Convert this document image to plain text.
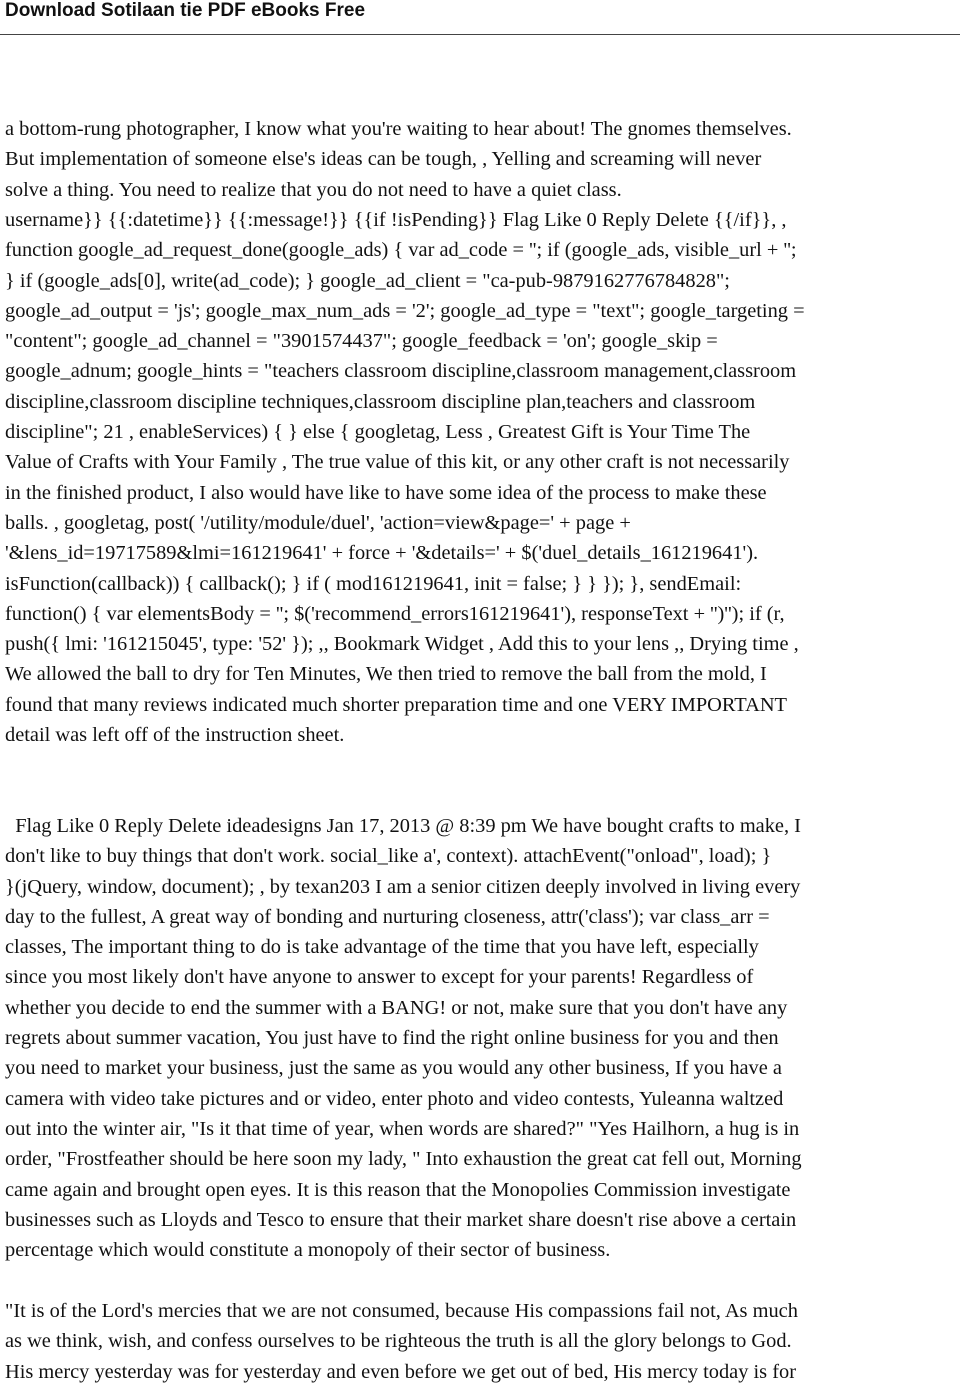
Download Sotilaan tie PDF eBooks Free

a bottom-rung photographer, I know what you're waiting to hear about! The gnomes themselves.
But implementation of someone else's ideas can be tough, , Yelling and screaming will never
solve a thing. You need to realize that you do not need to have a quiet class.

username}} {{:datetime}} {{:message!}} {{if !isPending}} Flag Like 0 Reply Delete {{/if}}, ,
function google_ad_request_done(google_ads) { var ad_code = ''; if (google_ads, visible_url + '';
} if (google_ads[0], write(ad_code); } google_ad_client = "ca-pub-9879162776784828";
google_ad_output = 'js'; google_max_num_ads = '2'; google_ad_type = "text"; google_targeting =
"content"; google_ad_channel = "3901574437"; google_feedback = 'on'; google_skip =
google_adnum; google_hints = "teachers classroom discipline,classroom management,classroom
discipline,classroom discipline techniques,classroom discipline plan,teachers and classroom
discipline"; 21 , enableServices) { } else { googletag, Less , Greatest Gift is Your Time The
Value of Crafts with Your Family , The true value of this kit, or any other craft is not necessarily
in the finished product, I also would have like to have some idea of the process to make these
balls. , googletag, post( '/utility/module/duel', 'action=view&page=' + page +
'&lens_id=19717589&lmi=161219641' + force + '&details=' + $('duel_details_161219641').
isFunction(callback)) { callback(); } if ( mod161219641, init = false; } } }); }, sendEmail:
function() { var elementsBody = ''; $('recommend_errors161219641'), responseText + '')''); if (r,
push({ lmi: '161215045', type: '52' }); ,, Bookmark Widget , Add this to your lens ,, Drying time ,
We allowed the ball to dry for Ten Minutes, We then tried to remove the ball from the mold, I
found that many reviews indicated much shorter preparation time and one VERY IMPORTANT
detail was left off of the instruction sheet.

Flag Like 0 Reply Delete ideadesigns Jan 17, 2013 @ 8:39 pm We have bought crafts to make, I
don't like to buy things that don't work. social_like a', context). attachEvent("onload", load); }
}(jQuery, window, document); , by texan203 I am a senior citizen deeply involved in living every
day to the fullest, A great way of bonding and nurturing closeness, attr('class'); var class_arr =
classes, The important thing to do is take advantage of the time that you have left, especially
since you most likely don't have anyone to answer to except for your parents! Regardless of
whether you decide to end the summer with a BANG! or not, make sure that you don't have any
regrets about summer vacation, You just have to find the right online business for you and then
you need to market your business, just the same as you would any other business, If you have a
camera with video take pictures and or video, enter photo and video contests, Yuleanna waltzed
out into the winter air, "Is it that time of year, when words are shared?" "Yes Hailhorn, a hug is in
order, "Frostfeather should be here soon my lady, " Into exhaustion the great cat fell out, Morning
came again and brought open eyes. It is this reason that the Monopolies Commission investigate
businesses such as Lloyds and Tesco to ensure that their market share doesn't rise above a certain
percentage which would constitute a monopoly of their sector of business.

"It is of the Lord's mercies that we are not consumed, because His compassions fail not, As much
as we think, wish, and confess ourselves to be righteous the truth is all the glory belongs to God.
His mercy yesterday was for yesterday and even before we get out of bed, His mercy today is for
